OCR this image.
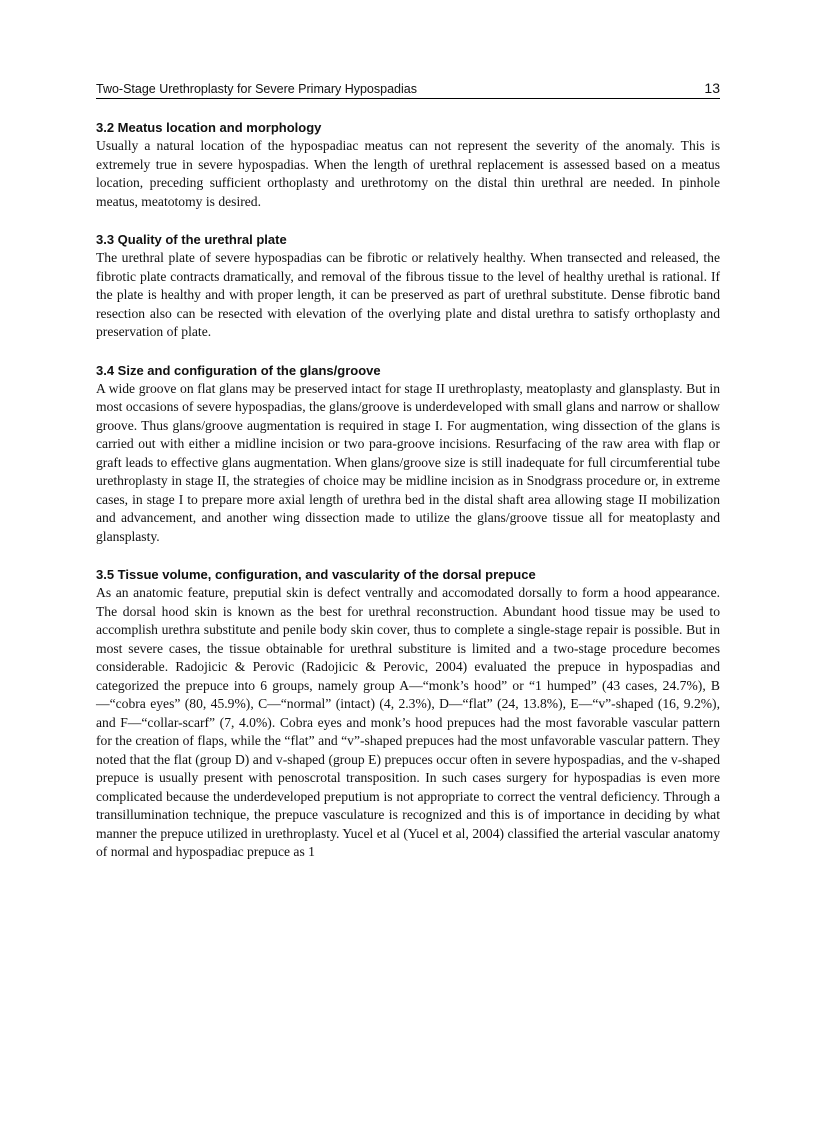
Two-Stage Urethroplasty for Severe Primary Hypospadias	13
3.2 Meatus location and morphology

Usually a natural location of the hypospadiac meatus can not represent the severity of the anomaly. This is extremely true in severe hypospadias. When the length of urethral replacement is assessed based on a meatus location, preceding sufficient orthoplasty and urethrotomy on the distal thin urethral are needed. In pinhole meatus, meatotomy is desired.

3.3 Quality of the urethral plate

The urethral plate of severe hypospadias can be fibrotic or relatively healthy. When transected and released, the fibrotic plate contracts dramatically, and removal of the fibrous tissue to the level of healthy urethal is rational. If the plate is healthy and with proper length, it can be preserved as part of urethral substitute. Dense fibrotic band resection also can be resected with elevation of the overlying plate and distal urethra to satisfy orthoplasty and preservation of plate.

3.4 Size and configuration of the glans/groove

A wide groove on flat glans may be preserved intact for stage II urethroplasty, meatoplasty and glansplasty. But in most occasions of severe hypospadias, the glans/groove is underdeveloped with small glans and narrow or shallow groove. Thus glans/groove augmentation is required in stage I. For augmentation, wing dissection of the glans is carried out with either a midline incision or two para-groove incisions. Resurfacing of the raw area with flap or graft leads to effective glans augmentation. When glans/groove size is still inadequate for full circumferential tube urethroplasty in stage II, the strategies of choice may be midline incision as in Snodgrass procedure or, in extreme cases, in stage I to prepare more axial length of urethra bed in the distal shaft area allowing stage II mobilization and advancement, and another wing dissection made to utilize the glans/groove tissue all for meatoplasty and glansplasty.

3.5 Tissue volume, configuration, and vascularity of the dorsal prepuce

As an anatomic feature, preputial skin is defect ventrally and accomodated dorsally to form a hood appearance. The dorsal hood skin is known as the best for urethral reconstruction. Abundant hood tissue may be used to accomplish urethra substitute and penile body skin cover, thus to complete a single-stage repair is possible. But in most severe cases, the tissue obtainable for urethral substiture is limited and a two-stage procedure becomes considerable. Radojicic & Perovic (Radojicic & Perovic, 2004) evaluated the prepuce in hypospadias and categorized the prepuce into 6 groups, namely group A—“monk’s hood” or “1 humped” (43 cases, 24.7%), B—“cobra eyes” (80, 45.9%), C—“normal” (intact) (4, 2.3%), D—“flat” (24, 13.8%), E—“v”-shaped (16, 9.2%), and F—“collar-scarf” (7, 4.0%). Cobra eyes and monk’s hood prepuces had the most favorable vascular pattern for the creation of flaps, while the “flat” and “v”-shaped prepuces had the most unfavorable vascular pattern. They noted that the flat (group D) and v-shaped (group E) prepuces occur often in severe hypospadias, and the v-shaped prepuce is usually present with penoscrotal transposition. In such cases surgery for hypospadias is even more complicated because the underdeveloped preputium is not appropriate to correct the ventral deficiency. Through a transillumination technique, the prepuce vasculature is recognized and this is of importance in deciding by what manner the prepuce utilized in urethroplasty. Yucel et al (Yucel et al, 2004) classified the arterial vascular anatomy of normal and hypospadiac prepuce as 1
